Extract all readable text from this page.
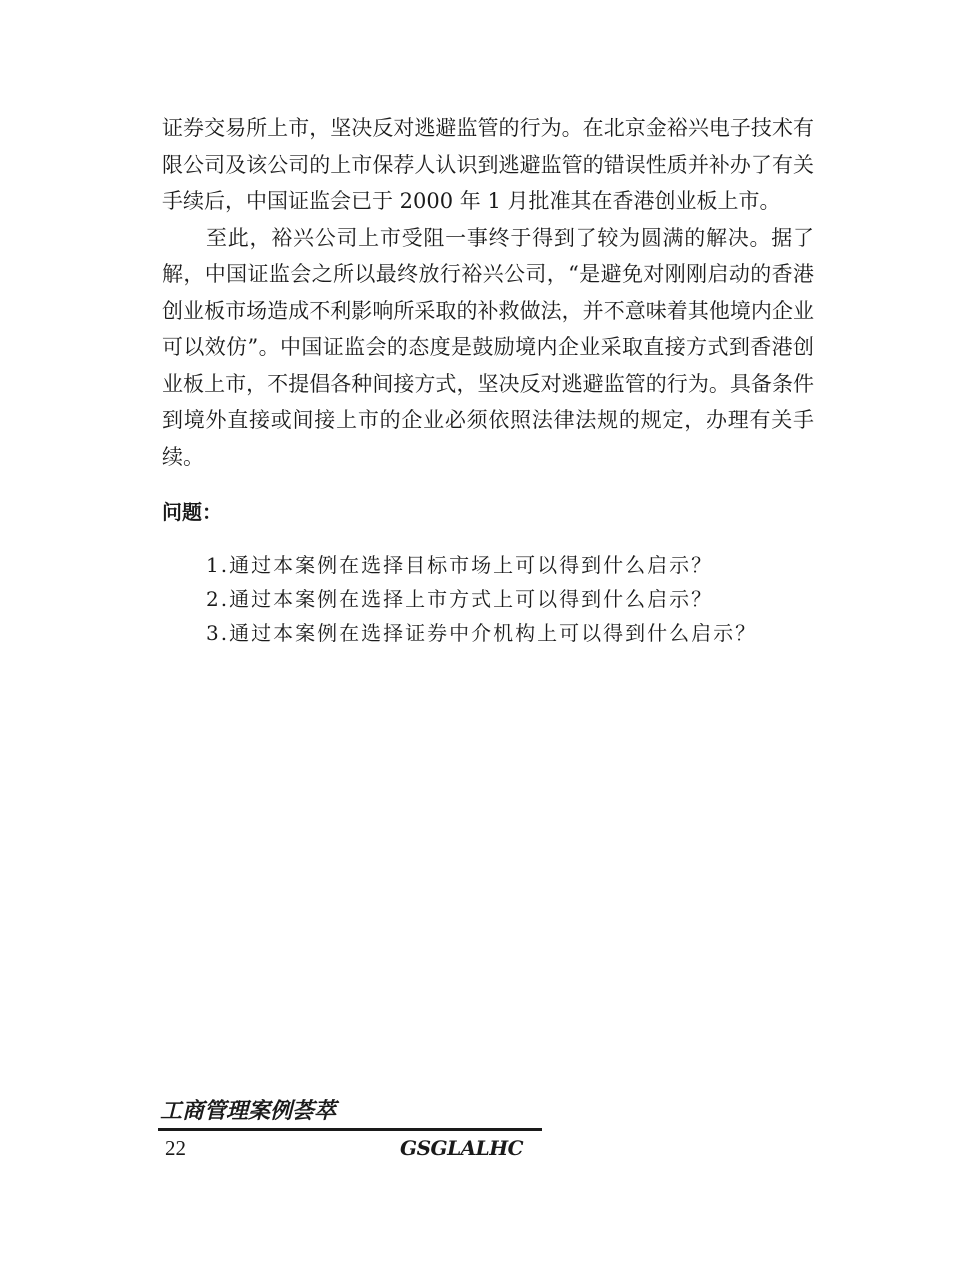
证券交易所上市，坚决反对逃避监管的行为。在北京金裕兴电子技术有限公司及该公司的上市保荐人认识到逃避监管的错误性质并补办了有关手续后，中国证监会已于 2000 年 1 月批准其在香港创业板上市。

至此，裕兴公司上市受阻一事终于得到了较为圆满的解决。据了解，中国证监会之所以最终放行裕兴公司，“是避免对刚刚启动的香港创业板市场造成不利影响所采取的补救做法，并不意味着其他境内企业可以效仿”。中国证监会的态度是鼓励境内企业采取直接方式到香港创业板上市，不提倡各种间接方式，坚决反对逃避监管的行为。具备条件到境外直接或间接上市的企业必须依照法律法规的规定，办理有关手续。

问题：
1.通过本案例在选择目标市场上可以得到什么启示？
2.通过本案例在选择上市方式上可以得到什么启示？
3.通过本案例在选择证券中介机构上可以得到什么启示？
工商管理案例荟萃
22	GSGLALHC
